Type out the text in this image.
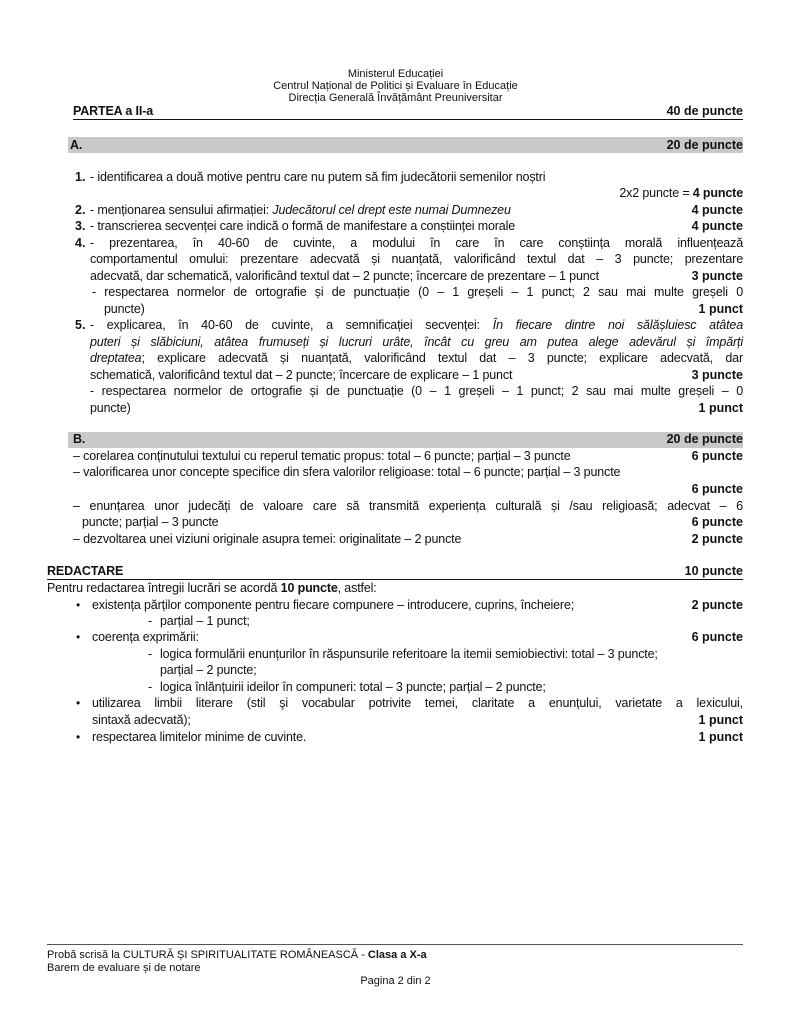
Ministerul Educației
Centrul Național de Politici și Evaluare în Educație
Direcția Generală Învățământ Preuniversitar
PARTEA a II-a	40 de puncte
A.	20 de puncte
1. - identificarea a două motive pentru care nu putem să fim judecătorii semenilor noștri
2x2 puncte = 4 puncte
2. - menționarea sensului afirmației: Judecătorul cel drept este numai Dumnezeu	4 puncte
3. - transcrierea secvenței care indică o formă de manifestare a conștiinței morale	4 puncte
4. - prezentarea, în 40-60 de cuvinte, a modului în care în care conștiința morală influențează
comportamentul omului: prezentare adecvată și nuanțată, valorificând textul dat – 3 puncte; prezentare
adecvată, dar schematică, valorificând textul dat – 2 puncte; încercare de prezentare – 1 punct	3 puncte
- respectarea normelor de ortografie și de punctuație (0 – 1 greșeli – 1 punct; 2 sau mai multe greșeli 0
puncte)	1 punct
5. - explicarea, în 40-60 de cuvinte, a semnificației secvenței: În fiecare dintre noi sălășluiesc atâtea
puteri și slăbiciuni, atâtea frumuseți și lucruri urâte, încât cu greu am putea alege adevărul și împărți
dreptatea; explicare adecvată și nuanțată, valorificând textul dat – 3 puncte; explicare adecvată, dar
schematică, valorificând textul dat – 2 puncte; încercare de explicare – 1 punct	3 puncte
- respectarea normelor de ortografie și de punctuație (0 – 1 greșeli – 1 punct; 2 sau mai multe greșeli – 0
puncte)	1 punct
B.	20 de puncte
– corelarea conținutului textului cu reperul tematic propus: total – 6 puncte; parțial – 3 puncte	6 puncte
– valorificarea unor concepte specifice din sfera valorilor religioase: total – 6 puncte; parțial – 3 puncte
6 puncte
– enunțarea unor judecăți de valoare care să transmită experiența culturală și /sau religioasă; adecvat – 6
puncte; parțial – 3 puncte	6 puncte
– dezvoltarea unei viziuni originale asupra temei: originalitate – 2 puncte	2 puncte
REDACTARE	10 puncte
Pentru redactarea întregii lucrări se acordă 10 puncte, astfel:
• existența părților componente pentru fiecare compunere – introducere, cuprins, încheiere;	2 puncte
- parțial – 1 punct;
• coerența exprimării:	6 puncte
- logica formulării enunțurilor în răspunsurile referitoare la itemii semiobiectivi: total – 3 puncte;
parțial – 2 puncte;
- logica înlănțuirii ideilor în compuneri: total – 3 puncte; parțial – 2 puncte;
• utilizarea limbii literare (stil şi vocabular potrivite temei, claritate a enunțului, varietate a lexicului,
sintaxă adecvată);	1 punct
• respectarea limitelor minime de cuvinte.	1 punct
Probă scrisă la CULTURĂ ȘI SPIRITUALITATE ROMÂNEASCĂ - Clasa a X-a
Barem de evaluare și de notare
Pagina 2 din 2
